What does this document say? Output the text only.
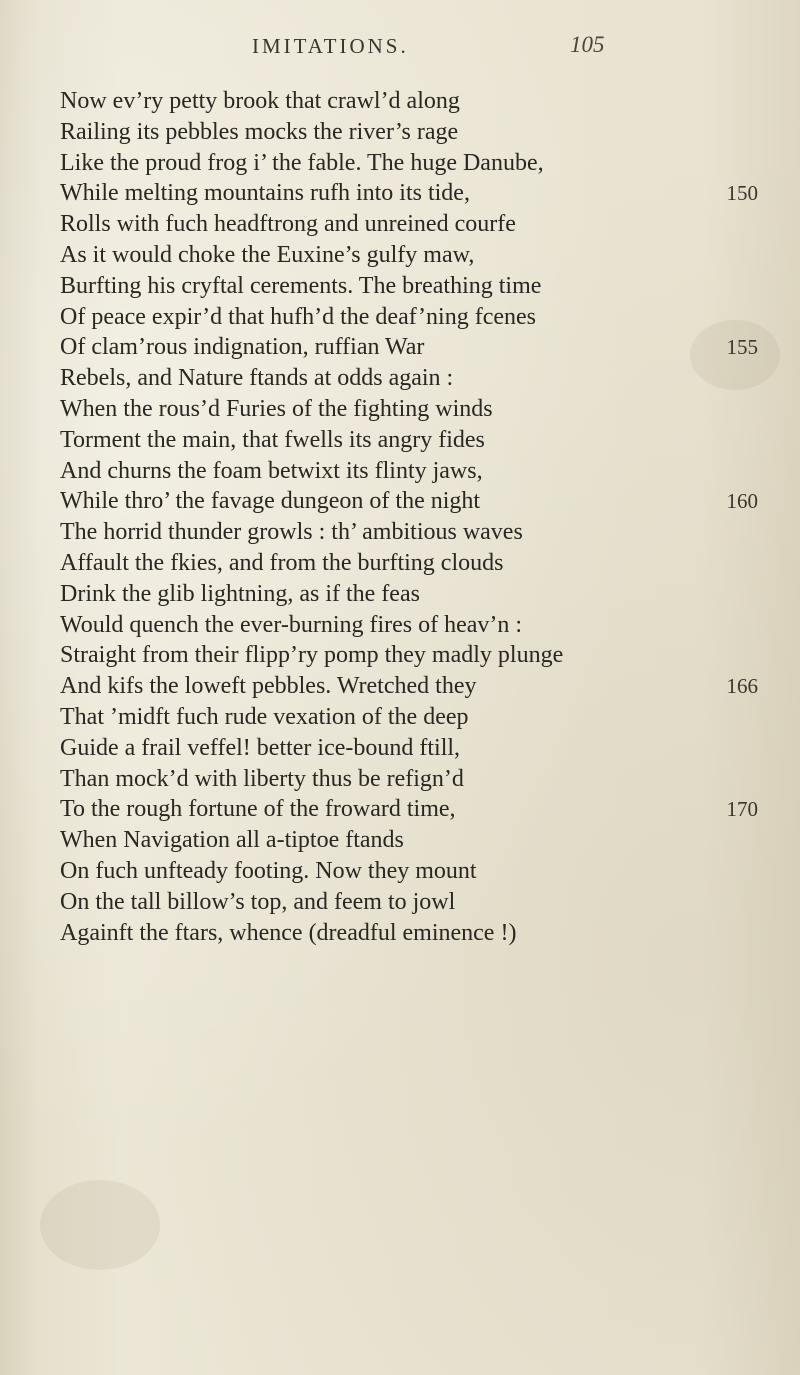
IMITATIONS.	105
Now ev’ry petty brook that crawl’d along
Railing its pebbles mocks the river’s rage
Like the proud frog i’ the fable. The huge Danube,
While melting mountains rufh into its tide,	150
Rolls with fuch headftrong and unreined courfe
As it would choke the Euxine’s gulfy maw,
Burfting his cryftal cerements. The breathing time
Of peace expir’d that hufh’d the deaf’ning fcenes
Of clam’rous indignation, ruffian War	155
Rebels, and Nature ftands at odds again :
When the rous’d Furies of the fighting winds
Torment the main, that fwells its angry fides
And churns the foam betwixt its flinty jaws,
While thro’ the favage dungeon of the night	160
The horrid thunder growls : th’ ambitious waves
Affault the fkies, and from the burfting clouds
Drink the glib lightning, as if the feas
Would quench the ever-burning fires of heav’n :
Straight from their flipp’ry pomp they madly plunge
And kifs the loweft pebbles. Wretched they	166
That ’midft fuch rude vexation of the deep
Guide a frail veffel! better ice-bound ftill,
Than mock’d with liberty thus be refign’d
To the rough fortune of the froward time,	170
When Navigation all a-tiptoe ftands
On fuch unfteady footing. Now they mount
On the tall billow’s top, and feem to jowl
Againft the ftars, whence (dreadful eminence !)
